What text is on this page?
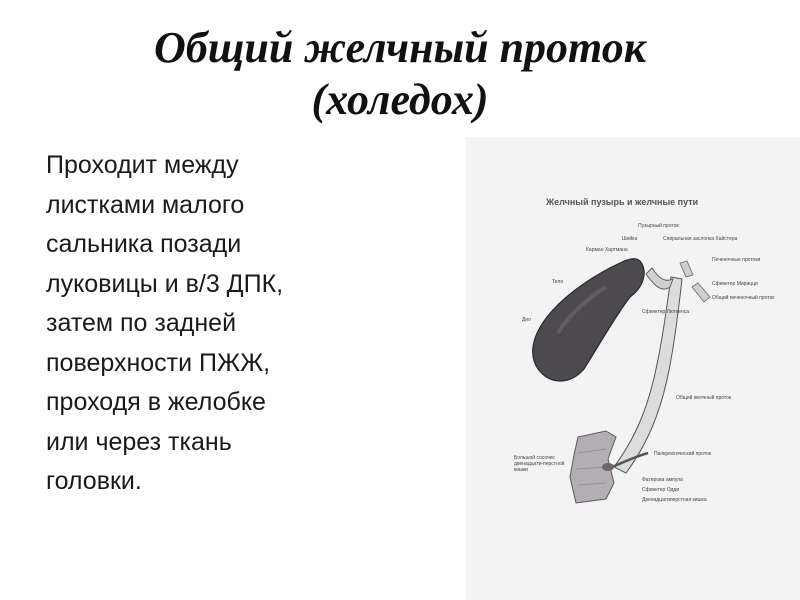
Общий желчный проток
(холедох)
Проходит между
листками малого
сальника позади
луковицы и в/3 ДПК,
затем по задней
поверхности ПЖЖ,
проходя в желобке
или через ткань
головки.
Желчный пузырь и желчные пути
Пузырный проток
Шейка	Спиральная заслонка Хайстера
Карман Хартмана
Печеночные протоки
Тело	Сфинктер Мирицци
Общий печеночный проток
Сфинктер Люткенса
Дно
Общий желчный проток
Панкреатический проток
Большой сосочек двенадцати-перстной кишки
Фатерова ампула
Сфинктер Одди
Двенадцатиперстная кишка
